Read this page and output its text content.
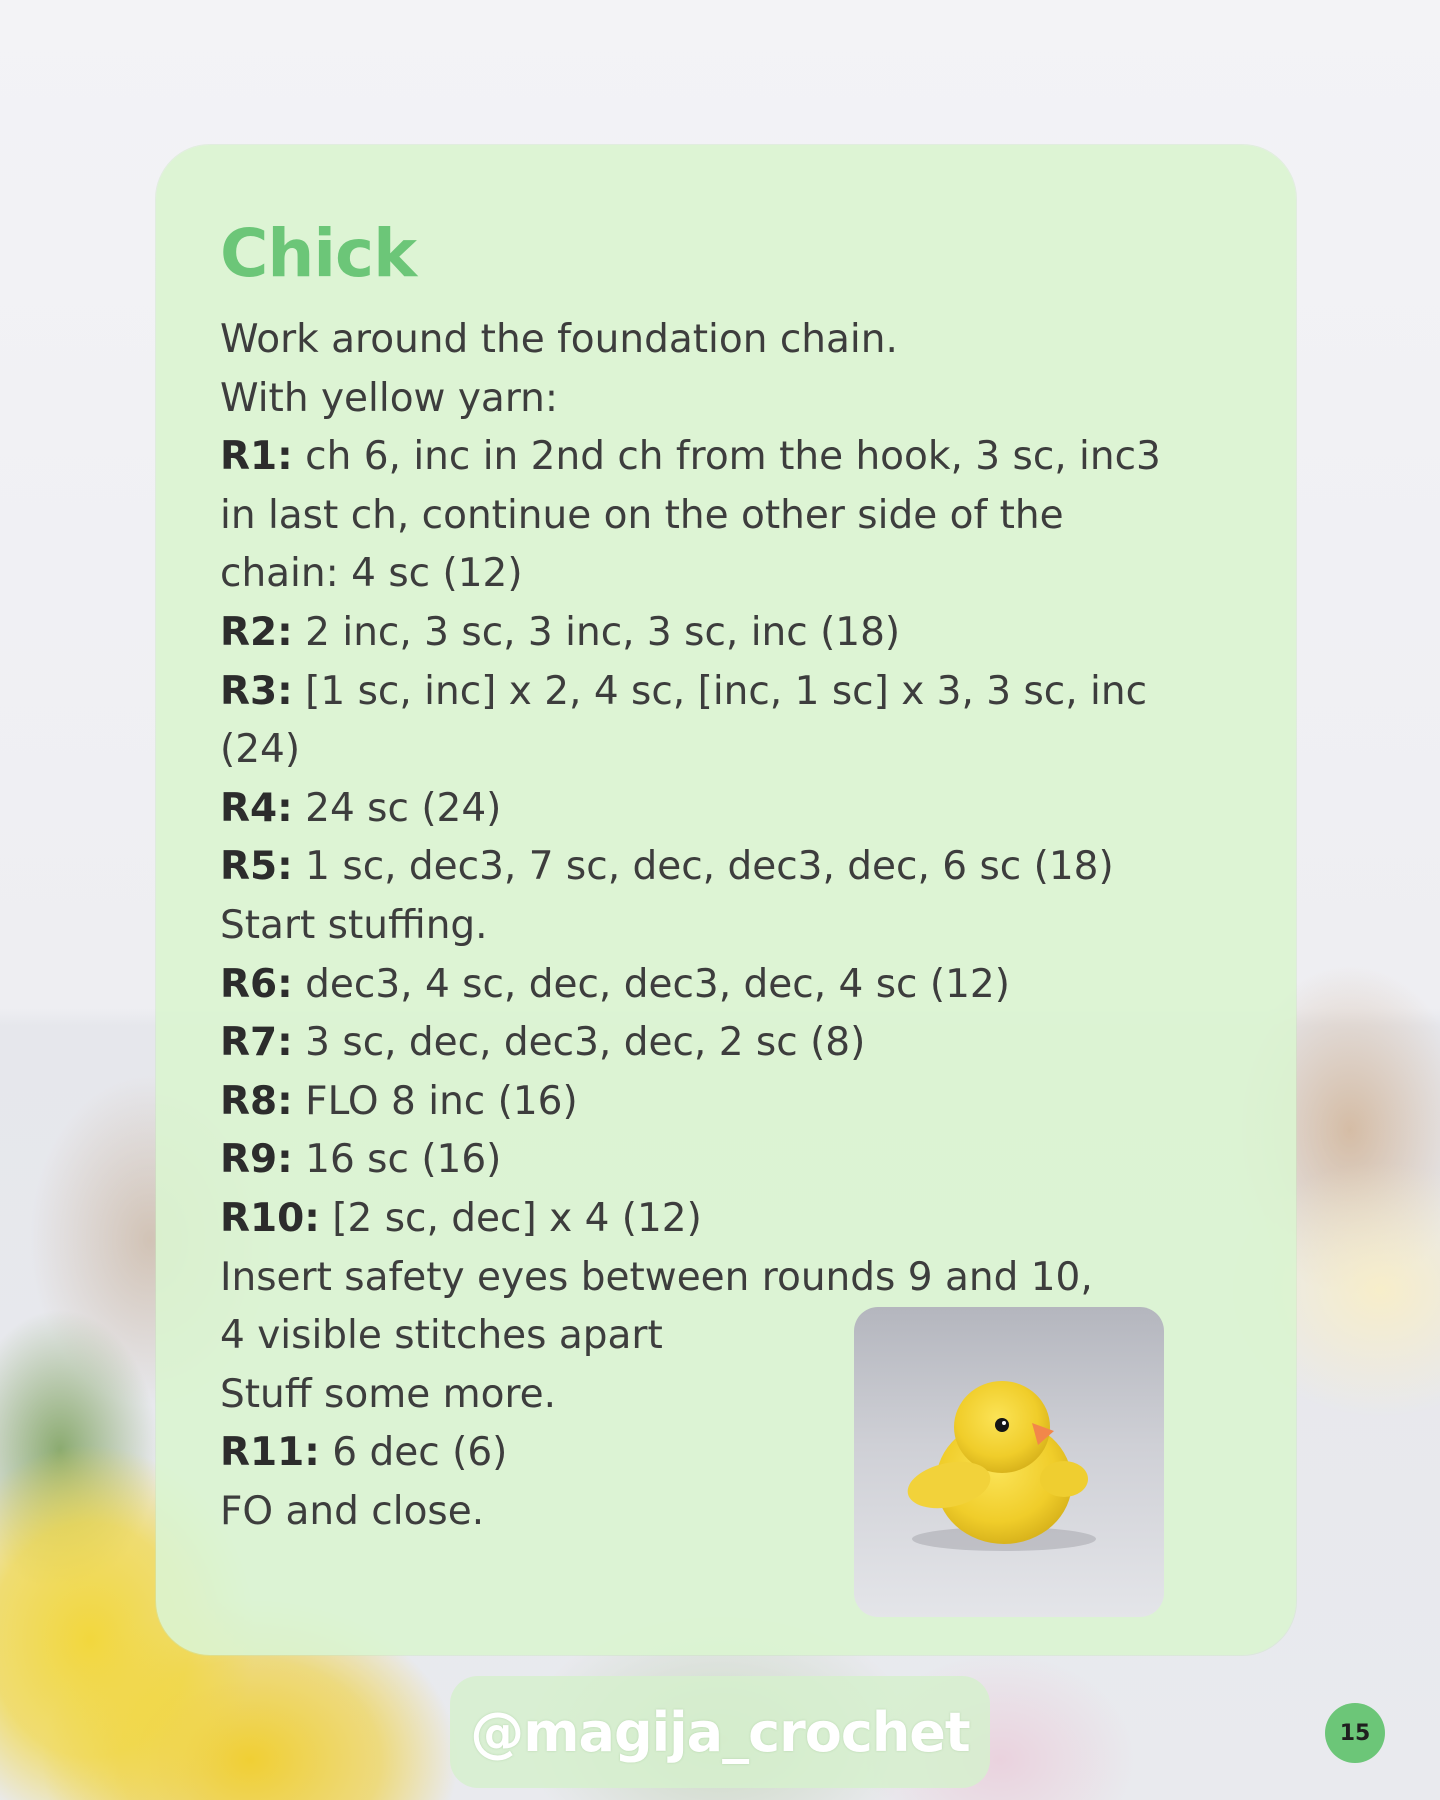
Chick
Work around the foundation chain.
With yellow yarn:
R1: ch 6, inc in 2nd ch from the hook, 3 sc, inc3
in last ch, continue on the other side of the
chain: 4 sc (12)
R2: 2 inc, 3 sc, 3 inc, 3 sc, inc (18)
R3: [1 sc, inc] x 2, 4 sc, [inc, 1 sc] x 3, 3 sc, inc
(24)
R4: 24 sc (24)
R5: 1 sc, dec3, 7 sc, dec, dec3, dec, 6 sc (18)
Start stuffing.
R6: dec3, 4 sc, dec, dec3, dec, 4 sc (12)
R7: 3 sc, dec, dec3, dec, 2 sc (8)
R8: FLO 8 inc (16)
R9: 16 sc (16)
R10: [2 sc, dec] x 4 (12)
Insert safety eyes between rounds 9 and 10,
4 visible stitches apart
Stuff some more.
R11: 6 dec (6)
FO and close.
@magija_crochet	15
